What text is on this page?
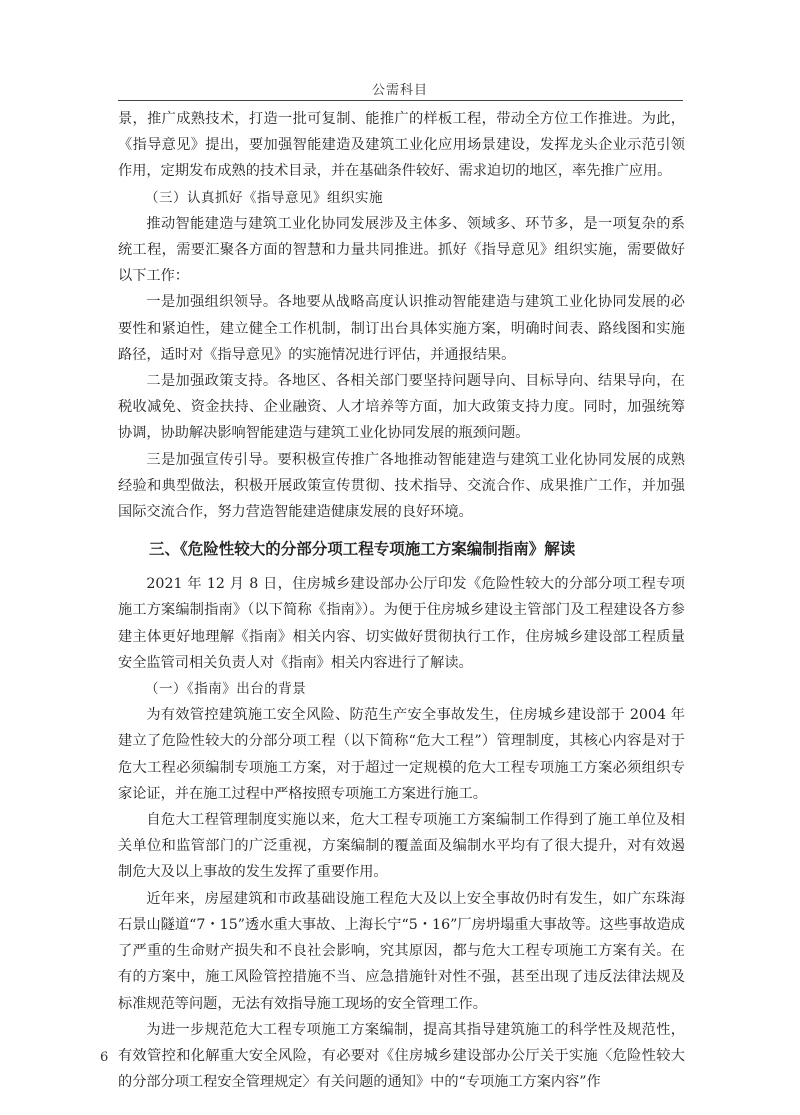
公需科目

景，推广成熟技术，打造一批可复制、能推广的样板工程，带动全方位工作推进。为此，《指导意见》提出，要加强智能建造及建筑工业化应用场景建设，发挥龙头企业示范引领作用，定期发布成熟的技术目录，并在基础条件较好、需求迫切的地区，率先推广应用。

（三）认真抓好《指导意见》组织实施

推动智能建造与建筑工业化协同发展涉及主体多、领域多、环节多，是一项复杂的系统工程，需要汇聚各方面的智慧和力量共同推进。抓好《指导意见》组织实施，需要做好以下工作：

一是加强组织领导。各地要从战略高度认识推动智能建造与建筑工业化协同发展的必要性和紧迫性，建立健全工作机制，制订出台具体实施方案，明确时间表、路线图和实施路径，适时对《指导意见》的实施情况进行评估，并通报结果。

二是加强政策支持。各地区、各相关部门要坚持问题导向、目标导向、结果导向，在税收减免、资金扶持、企业融资、人才培养等方面，加大政策支持力度。同时，加强统筹协调，协助解决影响智能建造与建筑工业化协同发展的瓶颈问题。

三是加强宣传引导。要积极宣传推广各地推动智能建造与建筑工业化协同发展的成熟经验和典型做法，积极开展政策宣传贯彻、技术指导、交流合作、成果推广工作，并加强国际交流合作，努力营造智能建造健康发展的良好环境。

三、《危险性较大的分部分项工程专项施工方案编制指南》解读

2021 年 12 月 8 日，住房城乡建设部办公厅印发《危险性较大的分部分项工程专项施工方案编制指南》（以下简称《指南》）。为便于住房城乡建设主管部门及工程建设各方参建主体更好地理解《指南》相关内容、切实做好贯彻执行工作，住房城乡建设部工程质量安全监管司相关负责人对《指南》相关内容进行了解读。

（一）《指南》出台的背景

为有效管控建筑施工安全风险、防范生产安全事故发生，住房城乡建设部于 2004 年建立了危险性较大的分部分项工程（以下简称“危大工程”）管理制度，其核心内容是对于危大工程必须编制专项施工方案，对于超过一定规模的危大工程专项施工方案必须组织专家论证，并在施工过程中严格按照专项施工方案进行施工。

自危大工程管理制度实施以来，危大工程专项施工方案编制工作得到了施工单位及相关单位和监管部门的广泛重视，方案编制的覆盖面及编制水平均有了很大提升，对有效遏制危大及以上事故的发生发挥了重要作用。

近年来，房屋建筑和市政基础设施工程危大及以上安全事故仍时有发生，如广东珠海石景山隧道“7・15”透水重大事故、上海长宁“5・16”厂房坍塌重大事故等。这些事故造成了严重的生命财产损失和不良社会影响，究其原因，都与危大工程专项施工方案有关。在有的方案中，施工风险管控措施不当、应急措施针对性不强，甚至出现了违反法律法规及标准规范等问题，无法有效指导施工现场的安全管理工作。

为进一步规范危大工程专项施工方案编制，提高其指导建筑施工的科学性及规范性，有效管控和化解重大安全风险，有必要对《住房城乡建设部办公厅关于实施〈危险性较大的分部分项工程安全管理规定〉有关问题的通知》中的“专项施工方案内容”作

6
